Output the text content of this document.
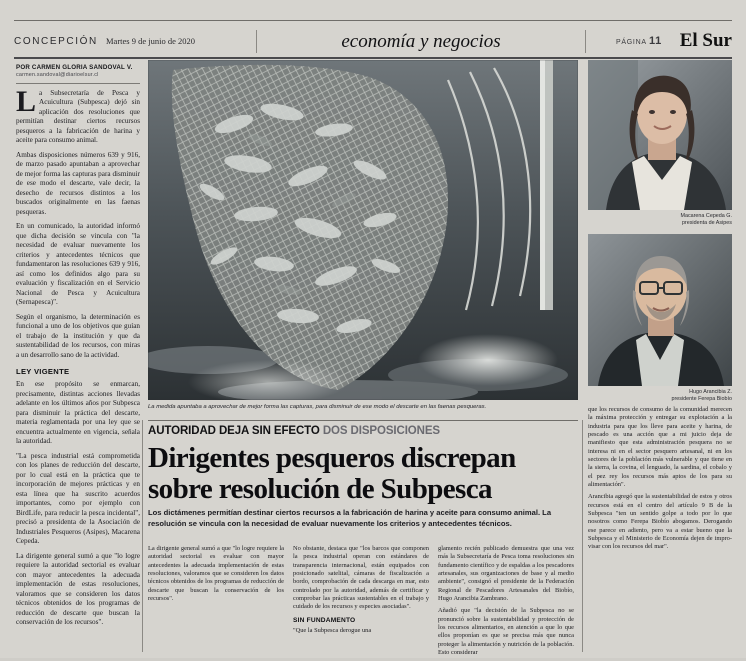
CONCEPCIÓN Martes 9 de junio de 2020	economía y negocios	PÁGINA 11 El Sur
POR CARMEN GLORIA SANDOVAL V.
carmen.sandoval@diarioelsur.cl

La Subsecretaría de Pesca y Acuicultura (Subpesca) dejó sin aplicación dos resoluciones que permitían destinar ciertos recursos pesqueros a la fabricación de harina y aceite para consumo animal.

Ambas disposiciones números 639 y 916, de marzo pasado apuntaban a aprovechar de mejor forma las capturas para disminuir de ese modo el descarte, vale decir, la desecho de recursos distintos a los buscados originalmente en las faenas pesqueras.

En un comunicado, la autoridad informó que dicha decisión se vincula con "la necesidad de evaluar nuevamente los criterios y antecedentes técnicos que fundamentaron las resoluciones 639 y 916, así como los definidos algo para su evaluación y fiscalización en el Servicio Nacional de Pesca y Acuicultura (Sernapesca)".

Según el organismo, la determinación es funcional a uno de los objetivos que guían el trabajo de la institución y que da sustentabilidad de los recursos, con miras a un desarrollo sano de la actividad.

LEY VIGENTE

En ese propósito se enmarcan, precisamente, distintas acciones llevadas adelante en los últimos años por Subpesca para disminuir la práctica del descarte, materia reglamentada por una ley que se encuentra actualmente en vigencia, señala la autoridad.

"La pesca industrial está comprometida con los planes de reducción del descarte, por lo cual está en la práctica que te incorporación de mejores prácticas y en esta línea que ha suscrito acuerdos importantes, como por ejemplo con BirdLife, para reducir la pesca incidental", precisó a presidenta de la Asociación de Industriales Pesqueros (Asipes), Macarena Cepeda.

La dirigente general sumó a que "lo logre requiere la autoridad sectorial es evaluar con mayor antecedentes la adecuada implementación de estas resoluciones, valoramos que se consideren los datos técnicos obtenidos de los programas de reducción de descarte que buscan la conservación de los recursos".

La medida apuntaba a aprovechar de mejor forma las capturas, para disminuir de ese modo el descarte en las faenas pesqueras.
Macarena Cepeda G.
presidenta de Asipes
Hugo Arancibia Z.
presidente Ferepa Biobío
AUTORIDAD DEJA SIN EFECTO DOS DISPOSICIONES
Dirigentes pesqueros discrepan sobre resolución de Subpesca
Los dictámenes permitían destinar ciertos recursos a la fabricación de harina y aceite para consumo animal. La resolución se vincula con la necesidad de evaluar nuevamente los criterios y antecedentes técnicos.

La dirigente general sumó a que "lo logre requiere la autoridad sectorial es evaluar con mayor antecedentes la adecuada implementación de estas resoluciones, valoramos que se consideren los datos técnicos obtenidos de los programas de reducción de descarte que buscan la conservación de los recursos".

No obstante, destaca que "los barcos que componen la pesca industrial operan con estándares de transparencia internacional, están equipados con posicionado satelital, cámaras de fiscalización a bordo, comprobación de cada descarga en mar, esto controlado por la autoridad, además de certificar y comprobar las prácticas sustentables en el trabajo y cuidado de los recursos y especies asociadas".

SIN FUNDAMENTO

"Que la Subpesca derogue una

glamento recién publicado demuestra que una vez más la Subsecretaría de Pesca toma resoluciones sin fundamento científico y de espaldas a los pescadores artesanales, sus organizaciones de base y al medio ambiente", consignó el presidente de la Federación Regional de Pescadores Artesanales del Biobío, Hugo Arancibia Zambrano.

Añadió que "la decisión de la Subpesca no se pronunció sobre la sustentabilidad y protección de los recursos alimentarios, en atención a que lo que ellos proponían es que se precisa más que nunca proteger la alimentación y nutrición de la población. Esto considerar

que los recursos de consumo de la comunidad merecen la máxima protección y entregar su explotación a la industria para que los lleve para aceite y harina, de pescado es una acción que a mi juicio deja de manifiesto que esta administración pesquera no se interesa ni en el sector pesquero artesanal, ni en los sectores de la población más vulnerable y que tiene en la sierra, la covina, el lenguado, la sardina, el cobalo y el pez rey los recursos más aptos de los para su alimentación".

Arancibia agregó que la sustentabilidad de estos y otros recursos está en el centro del artículo 9 B de la Subpesca "ten un sentido golpe a todo por lo que nosotros como Ferepa Biobío abogamos. Derogando ese parece en adiento, pero va a estar bueno que la Subpesca y el Ministerio de Economía dejen de impro- visar con los recursos del mar".
